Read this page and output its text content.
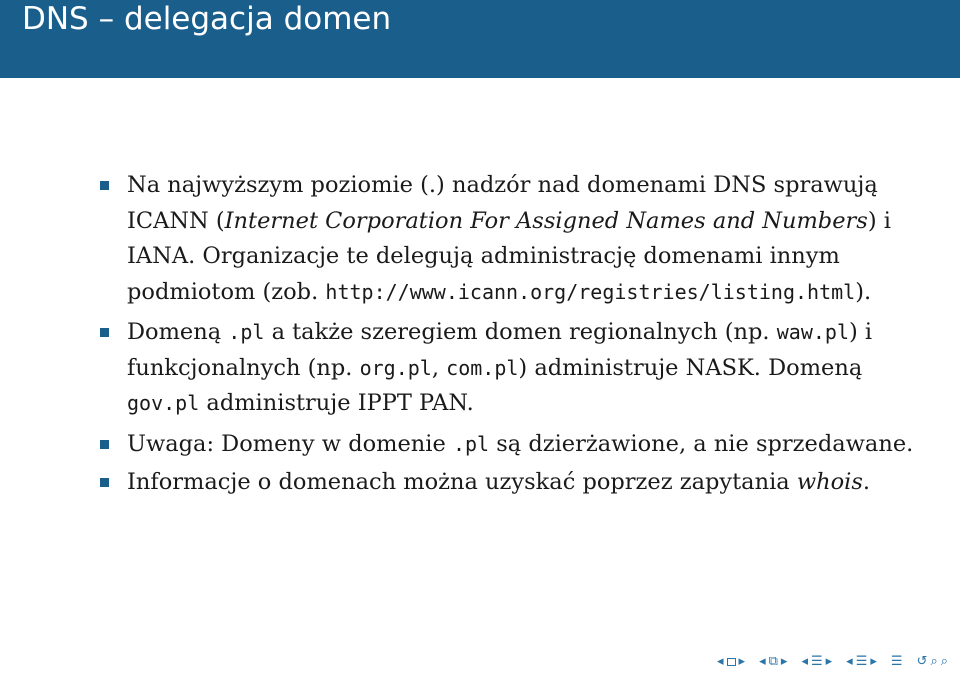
DNS – delegacja domen
Na najwyższym poziomie (.) nadzór nad domenami DNS sprawują ICANN (Internet Corporation For Assigned Names and Numbers) i IANA. Organizacje te delegują administrację domenami innym podmiotom (zob. http://www.icann.org/registries/listing.html).
Domeną .pl a także szeregiem domen regionalnych (np. waw.pl) i funkcjonalnych (np. org.pl, com.pl) administruje NASK. Domeną gov.pl administruje IPPT PAN.
Uwaga: Domeny w domenie .pl są dzierżawione, a nie sprzedawane.
Informacje o domenach można uzyskać poprzez zapytania whois.
◂ ▸ ◂ ⧉ ▸ ◂ ☰ ▸ ◂ ☰ ▸ ☰ ↺ ⌕ ⌕
